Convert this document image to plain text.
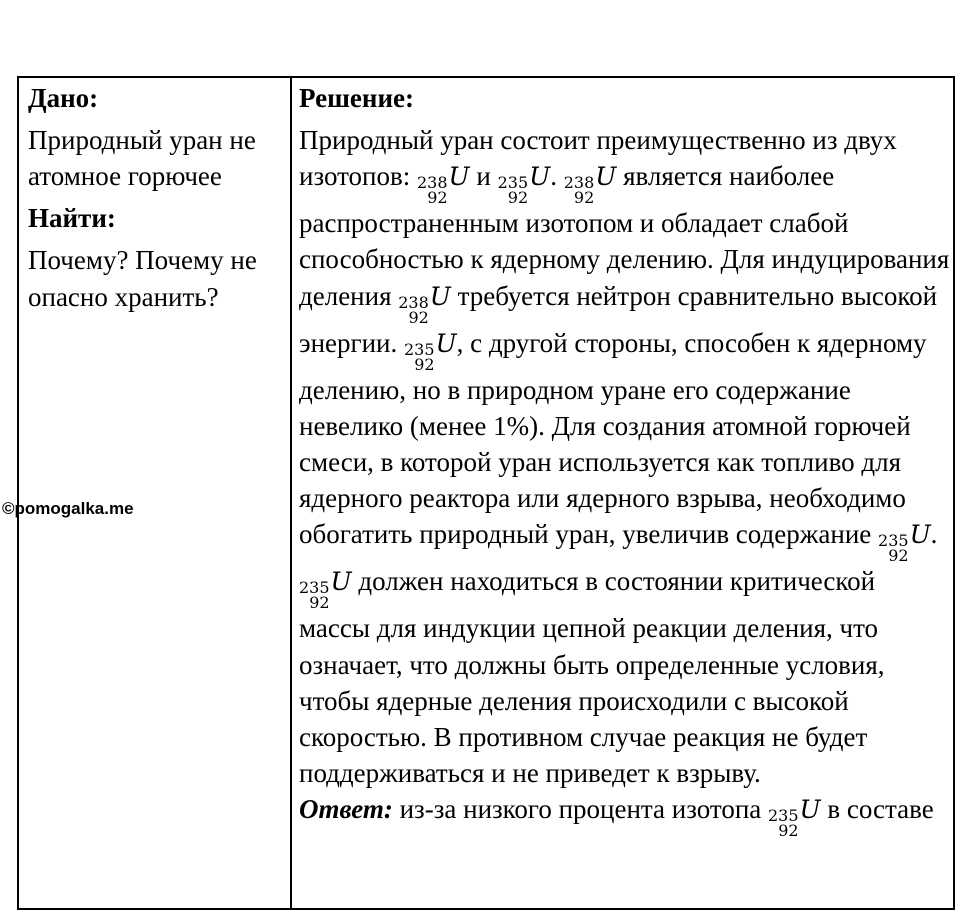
Дано:

Природный уран не атомное горючее

Найти:

Почему? Почему не опасно хранить?

Решение:

Природный уран состоит преимущественно из двух изотопов: 238
92
U и 235
92
U. 238
92
U является наиболее распространенным изотопом и обладает слабой способностью к ядерному делению. Для индуцирования деления 238
92
U требуется нейтрон сравнительно высокой энергии. 235
92
U, с другой стороны, способен к ядерному делению, но в природном уране его содержание невелико (менее 1%). Для создания атомной горючей смеси, в которой уран используется как топливо для ядерного реактора или ядерного взрыва, необходимо обогатить природный уран, увеличив содержание 235
92
U.
235
92
U должен находиться в состоянии критической массы для индукции цепной реакции деления, что означает, что должны быть определенные условия, чтобы ядерные деления происходили с высокой скоростью. В противном случае реакция не будет поддерживаться и не приведет к взрыву.

Ответ: из-за низкого процента изотопа 235
92
U в составе

©pomogalka.me
